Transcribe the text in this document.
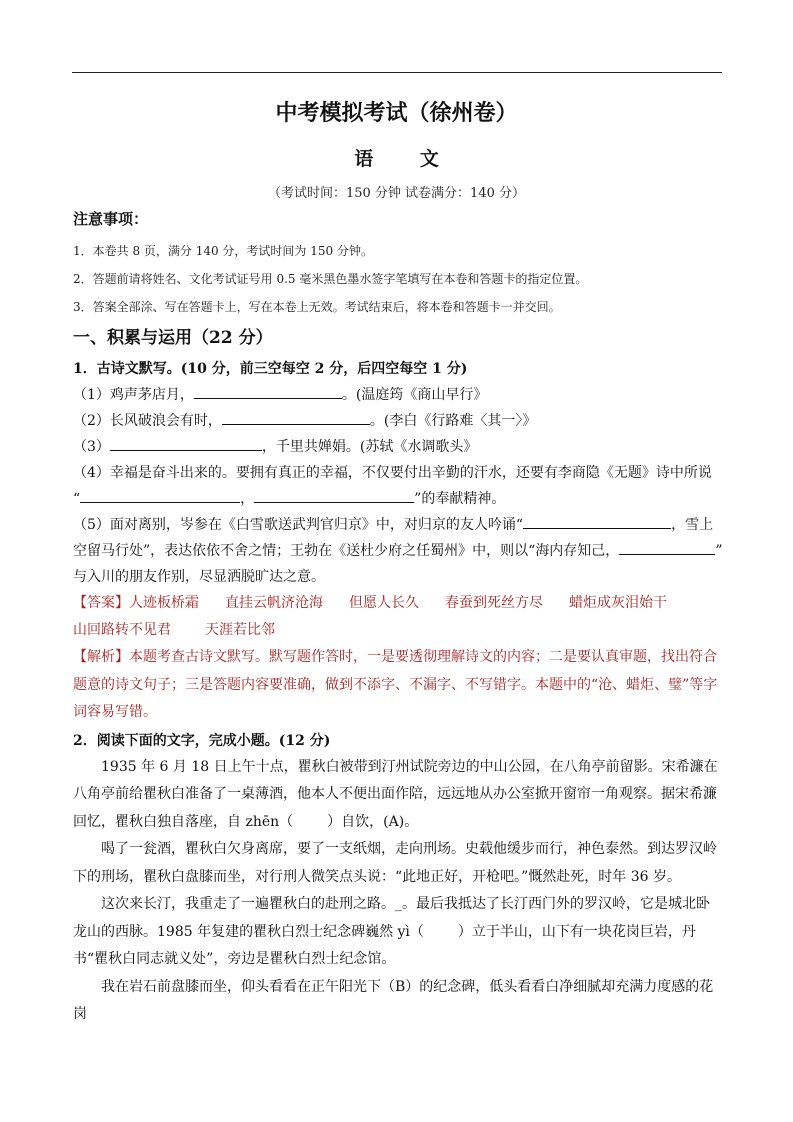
中考模拟考试（徐州卷）
语 文
（考试时间：150 分钟 试卷满分：140 分）

注意事项：

1．本卷共 8 页，满分 140 分，考试时间为 150 分钟。

2．答题前请将姓名、文化考试证号用 0.5 毫米黑色墨水签字笔填写在本卷和答题卡的指定位置。

3．答案全部涂、写在答题卡上，写在本卷上无效。考试结束后，将本卷和答题卡一并交回。

一、积累与运用（22 分）

1．古诗文默写。(10 分，前三空每空 2 分，后四空每空 1 分)

（1）鸡声茅店月，	。(温庭筠《商山早行》

（2）长风破浪会有时，	。(李白《行路难〈其一〉》

（3）	，千里共婵娟。(苏轼《水调歌头》

（4）幸福是奋斗出来的。要拥有真正的幸福，不仅要付出辛勤的汗水，还要有李商隐《无题》诗中所说

“	，	”的奉献精神。

（5）面对离别，岑参在《白雪歌送武判官归京》中，对归京的友人吟诵“	，雪上

空留马行处”，表达依依不舍之情；王勃在《送杜少府之任蜀州》中，则以“海内存知己，	”

与入川的朋友作别，尽显洒脱旷达之意。

【答案】人迹板桥霜 直挂云帆济沧海 但愿人长久 春蚕到死丝方尽 蜡炬成灰泪始干

山回路转不见君 天涯若比邻

【解析】本题考查古诗文默写。默写题作答时，一是要透彻理解诗文的内容；二是要认真审题，找出符合题意的诗文句子；三是答题内容要准确，做到不添字、不漏字、不写错字。本题中的“沧、蜡炬、璧”等字词容易写错。

2．阅读下面的文字，完成小题。(12 分)

1935 年 6 月 18 日上午十点，瞿秋白被带到汀州试院旁边的中山公园，在八角亭前留影。宋希濂在八角亭前给瞿秋白准备了一桌薄酒，他本人不便出面作陪，远远地从办公室掀开窗帘一角观察。据宋希濂回忆，瞿秋白独自落座，自 zhēn（ ）自饮，(A)。

喝了一瓮酒，瞿秋白欠身离席，要了一支纸烟，走向刑场。史载他缓步而行，神色泰然。到达罗汉岭下的刑场，瞿秋白盘膝而坐，对行刑人微笑点头说：“此地正好，开枪吧。”慨然赴死，时年 36 岁。

这次来长汀，我重走了一遍瞿秋白的赴刑之路。_。最后我抵达了长汀西门外的罗汉岭，它是城北卧龙山的西脉。1985 年复建的瞿秋白烈士纪念碑巍然 yì（ ）立于半山，山下有一块花岗巨岩，丹书“瞿秋白同志就义处”，旁边是瞿秋白烈士纪念馆。

我在岩石前盘膝而坐，仰头看看在正午阳光下（B）的纪念碑，低头看看白净细腻却充满力度感的花岗
